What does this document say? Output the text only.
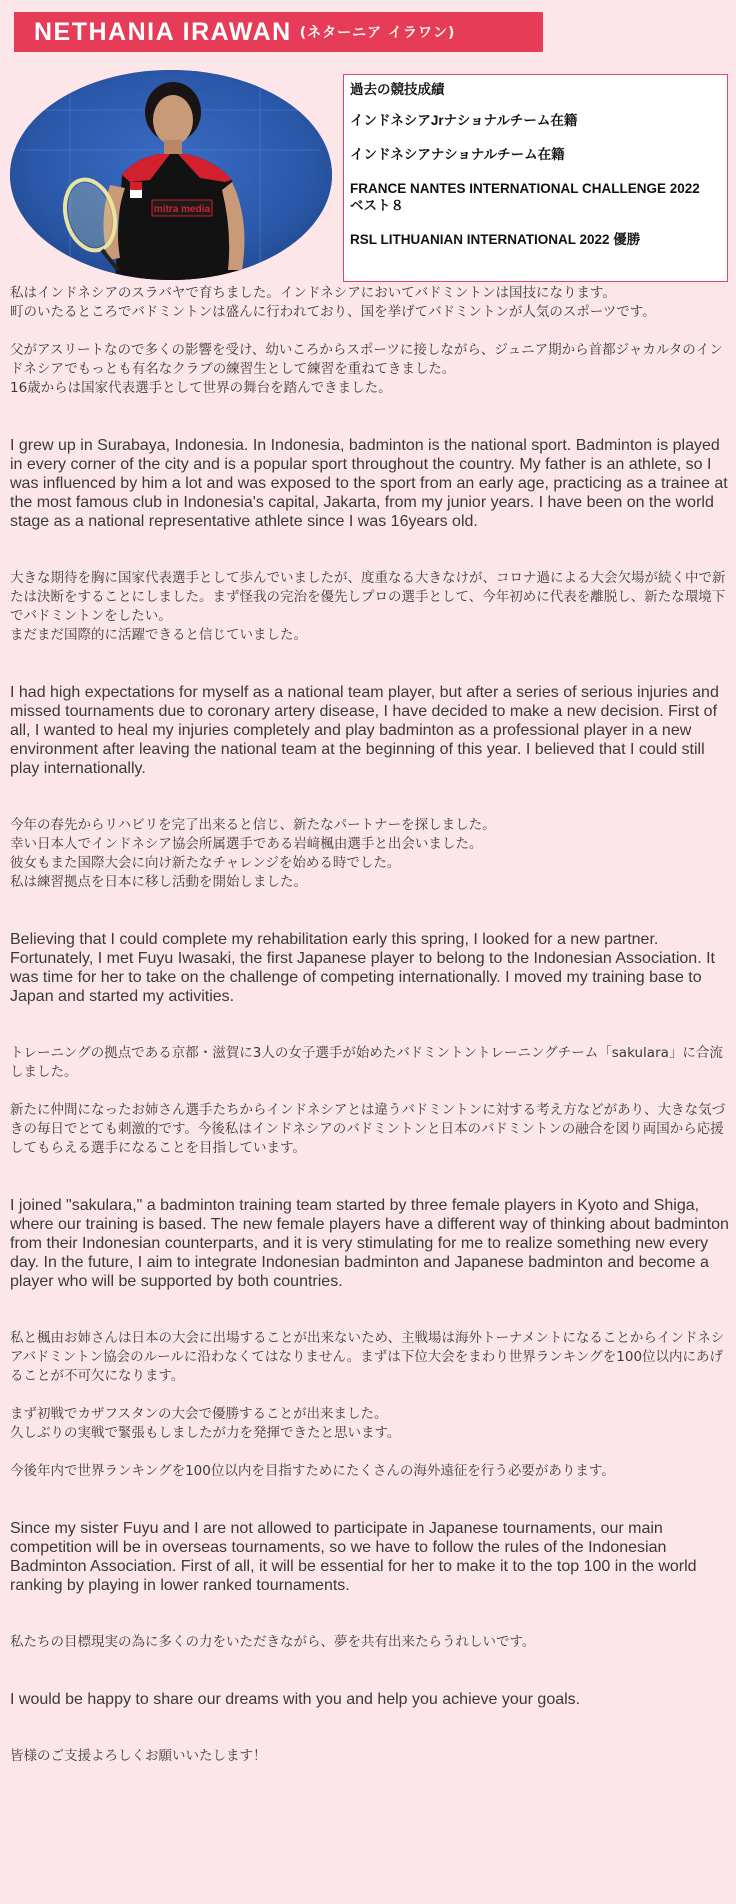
NETHANIA IRAWAN (ネターニア イラワン)
mitra media

過去の競技成績

インドネシアJrナショナルチーム在籍

インドネシアナショナルチーム在籍

FRANCE NANTES INTERNATIONAL CHALLENGE 2022　ベスト８

RSL LITHUANIAN INTERNATIONAL 2022 優勝

私はインドネシアのスラバヤで育ちました。インドネシアにおいてバドミントンは国技になります。
町のいたるところでバドミントンは盛んに行われており、国を挙げてバドミントンが人気のスポーツです。

父がアスリートなので多くの影響を受け、幼いころからスポーツに接しながら、ジュニア期から首都ジャカルタのインドネシアでもっとも有名なクラブの練習生として練習を重ねてきました。
16歳からは国家代表選手として世界の舞台を踏んできました。

I grew up in Surabaya, Indonesia. In Indonesia, badminton is the national sport. Badminton is played in every corner of the city and is a popular sport throughout the country. My father is an athlete, so I was influenced by him a lot and was exposed to the sport from an early age, practicing as a trainee at the most famous club in Indonesia's capital, Jakarta, from my junior years. I have been on the world stage as a national representative athlete since I was 16years old.

大きな期待を胸に国家代表選手として歩んでいましたが、度重なる大きなけが、コロナ過による大会欠場が続く中で新たは決断をすることにしました。まず怪我の完治を優先しプロの選手として、今年初めに代表を離脱し、新たな環境下でバドミントンをしたい。
まだまだ国際的に活躍できると信じていました。

I had high expectations for myself as a national team player, but after a series of serious injuries and missed tournaments due to coronary artery disease, I have decided to make a new decision. First of all, I wanted to heal my injuries completely and play badminton as a professional player in a new environment after leaving the national team at the beginning of this year. I believed that I could still play internationally.

今年の春先からリハビリを完了出来ると信じ、新たなパートナーを探しました。
幸い日本人でインドネシア協会所属選手である岩﨑楓由選手と出会いました。
彼女もまた国際大会に向け新たなチャレンジを始める時でした。
私は練習拠点を日本に移し活動を開始しました。

Believing that I could complete my rehabilitation early this spring, I looked for a new partner. Fortunately, I met Fuyu Iwasaki, the first Japanese player to belong to the Indonesian Association. It was time for her to take on the challenge of competing internationally. I moved my training base to Japan and started my activities.

トレーニングの拠点である京都・滋賀に3人の女子選手が始めたバドミントントレーニングチーム「sakulara」に合流しました。

新たに仲間になったお姉さん選手たちからインドネシアとは違うバドミントンに対する考え方などがあり、大きな気づきの毎日でとても刺激的です。今後私はインドネシアのバドミントンと日本のバドミントンの融合を図り両国から応援してもらえる選手になることを目指しています。

I joined "sakulara," a badminton training team started by three female players in Kyoto and Shiga, where our training is based. The new female players have a different way of thinking about badminton from their Indonesian counterparts, and it is very stimulating for me to realize something new every day. In the future, I aim to integrate Indonesian badminton and Japanese badminton and become a player who will be supported by both countries.

私と楓由お姉さんは日本の大会に出場することが出来ないため、主戦場は海外トーナメントになることからインドネシアバドミントン協会のルールに沿わなくてはなりません。まずは下位大会をまわり世界ランキングを100位以内にあげることが不可欠になります。

まず初戦でカザフスタンの大会で優勝することが出来ました。
久しぶりの実戦で緊張もしましたが力を発揮できたと思います。

今後年内で世界ランキングを100位以内を目指すためにたくさんの海外遠征を行う必要があります。

Since my sister Fuyu and I are not allowed to participate in Japanese tournaments, our main competition will be in overseas tournaments, so we have to follow the rules of the Indonesian Badminton Association. First of all, it will be essential for her to make it to the top 100 in the world ranking by playing in lower ranked tournaments.

私たちの目標現実の為に多くの力をいただきながら、夢を共有出来たらうれしいです。

I would be happy to share our dreams with you and help you achieve your goals.

皆様のご支援よろしくお願いいたします！
